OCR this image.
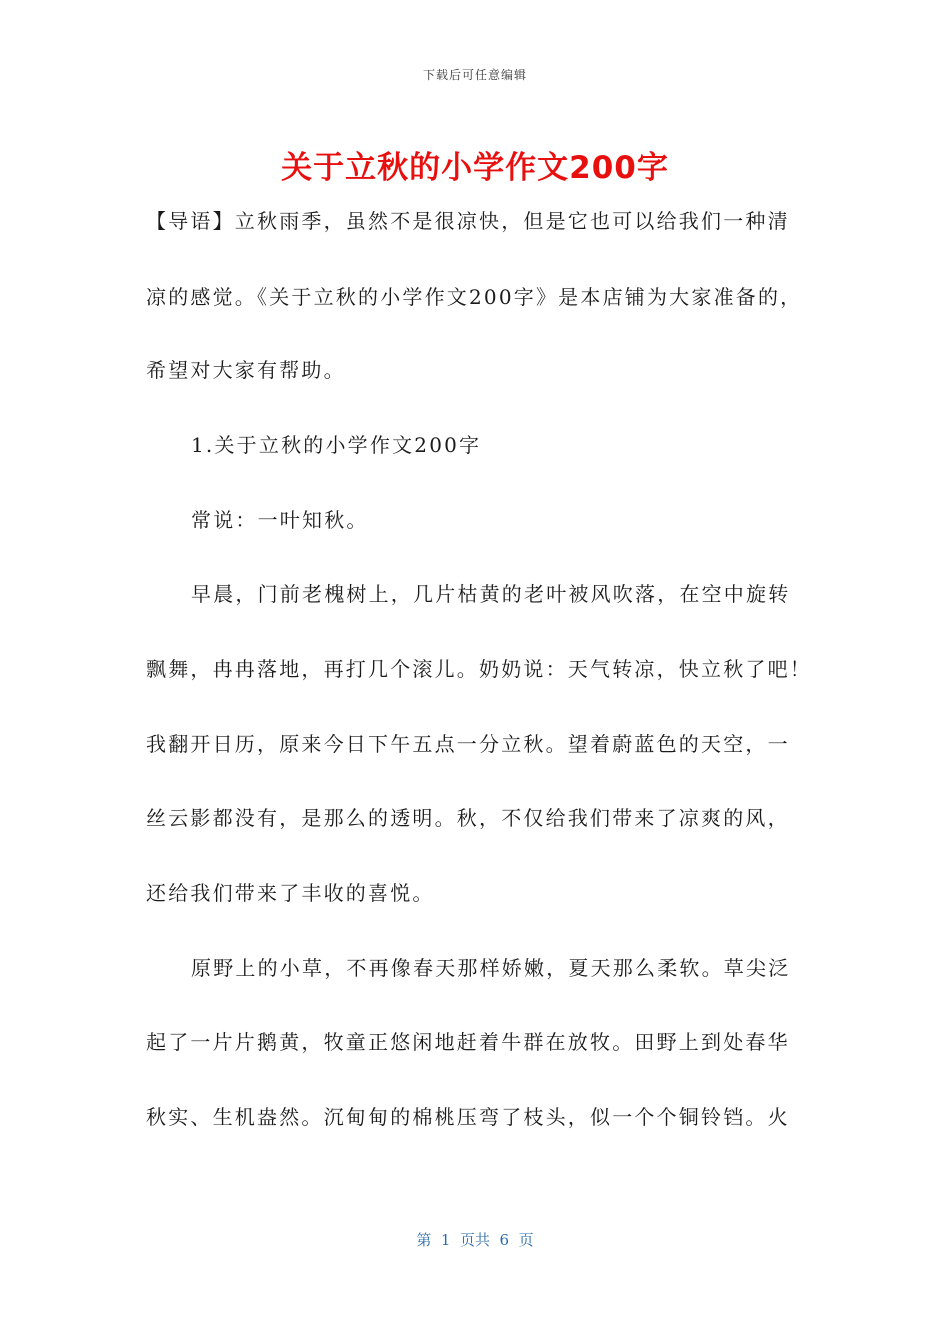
下载后可任意编辑
关于立秋的小学作文200字
【导语】立秋雨季，虽然不是很凉快，但是它也可以给我们一种清
凉的感觉。《关于立秋的小学作文200字》是本店铺为大家准备的，
希望对大家有帮助。
1.关于立秋的小学作文200字
常说：一叶知秋。
早晨，门前老槐树上，几片枯黄的老叶被风吹落，在空中旋转
飘舞，冉冉落地，再打几个滚儿。奶奶说：天气转凉，快立秋了吧！
我翻开日历，原来今日下午五点一分立秋。望着蔚蓝色的天空，一
丝云影都没有，是那么的透明。秋，不仅给我们带来了凉爽的风，
还给我们带来了丰收的喜悦。
原野上的小草，不再像春天那样娇嫩，夏天那么柔软。草尖泛
起了一片片鹅黄，牧童正悠闲地赶着牛群在放牧。田野上到处春华
秋实、生机盎然。沉甸甸的棉桃压弯了枝头，似一个个铜铃铛。火
第  1  页共  6  页
